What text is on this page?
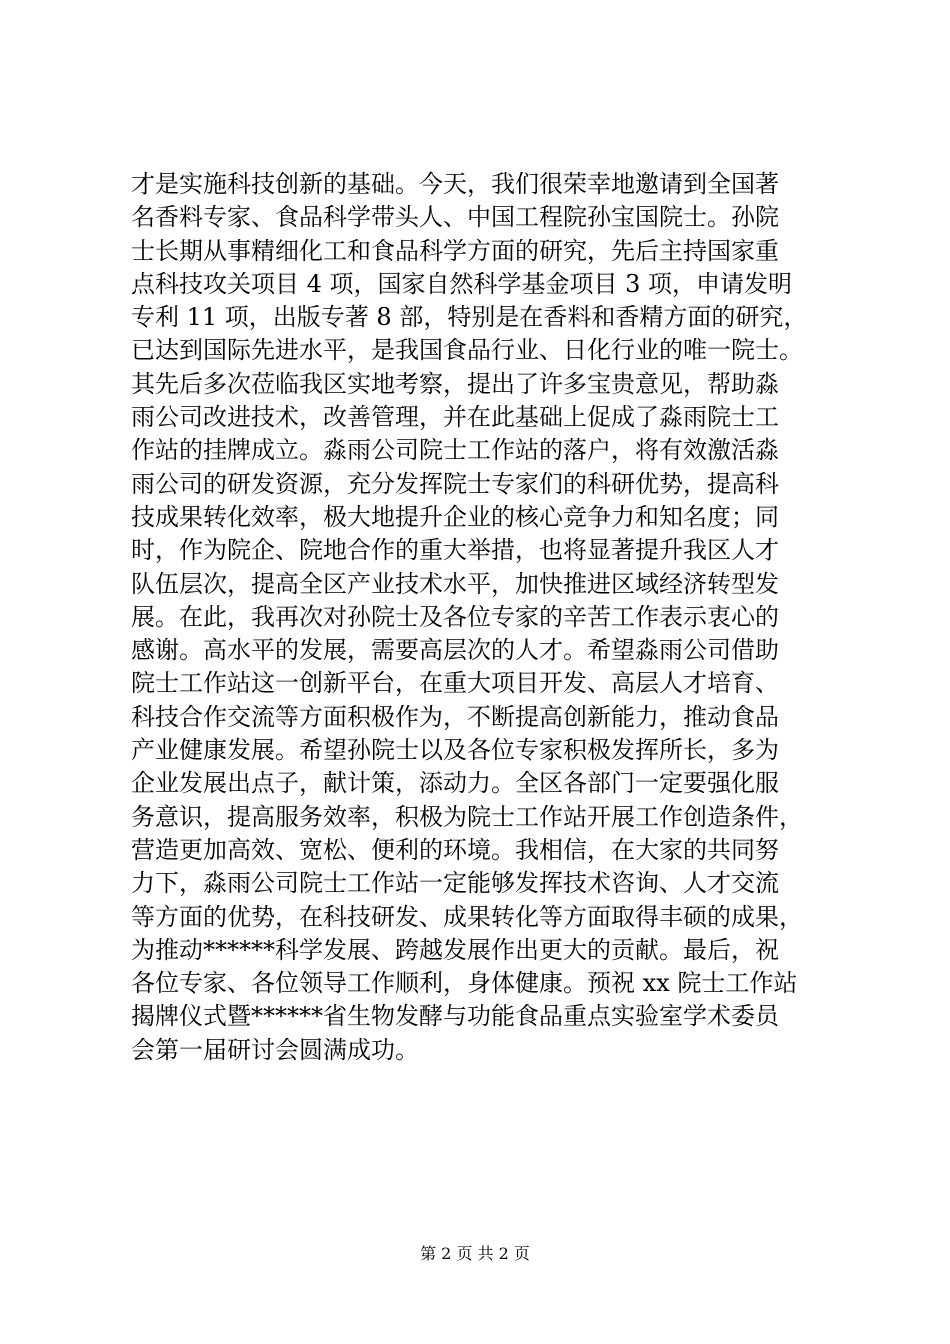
才是实施科技创新的基础。今天，我们很荣幸地邀请到全国著
名香料专家、食品科学带头人、中国工程院孙宝国院士。孙院
士长期从事精细化工和食品科学方面的研究，先后主持国家重
点科技攻关项目 4 项，国家自然科学基金项目 3 项，申请发明
专利 11 项，出版专著 8 部，特别是在香料和香精方面的研究，
已达到国际先进水平，是我国食品行业、日化行业的唯一院士。
其先后多次莅临我区实地考察，提出了许多宝贵意见，帮助淼
雨公司改进技术，改善管理，并在此基础上促成了淼雨院士工
作站的挂牌成立。淼雨公司院士工作站的落户，将有效激活淼
雨公司的研发资源，充分发挥院士专家们的科研优势，提高科
技成果转化效率，极大地提升企业的核心竞争力和知名度；同
时，作为院企、院地合作的重大举措，也将显著提升我区人才
队伍层次，提高全区产业技术水平，加快推进区域经济转型发
展。在此，我再次对孙院士及各位专家的辛苦工作表示衷心的
感谢。高水平的发展，需要高层次的人才。希望淼雨公司借助
院士工作站这一创新平台，在重大项目开发、高层人才培育、
科技合作交流等方面积极作为，不断提高创新能力，推动食品
产业健康发展。希望孙院士以及各位专家积极发挥所长，多为
企业发展出点子，献计策，添动力。全区各部门一定要强化服
务意识，提高服务效率，积极为院士工作站开展工作创造条件，
营造更加高效、宽松、便利的环境。我相信，在大家的共同努
力下，淼雨公司院士工作站一定能够发挥技术咨询、人才交流
等方面的优势，在科技研发、成果转化等方面取得丰硕的成果，
为推动******科学发展、跨越发展作出更大的贡献。最后，祝
各位专家、各位领导工作顺利，身体健康。预祝 xx 院士工作站
揭牌仪式暨******省生物发酵与功能食品重点实验室学术委员
会第一届研讨会圆满成功。
第 2 页 共 2 页
